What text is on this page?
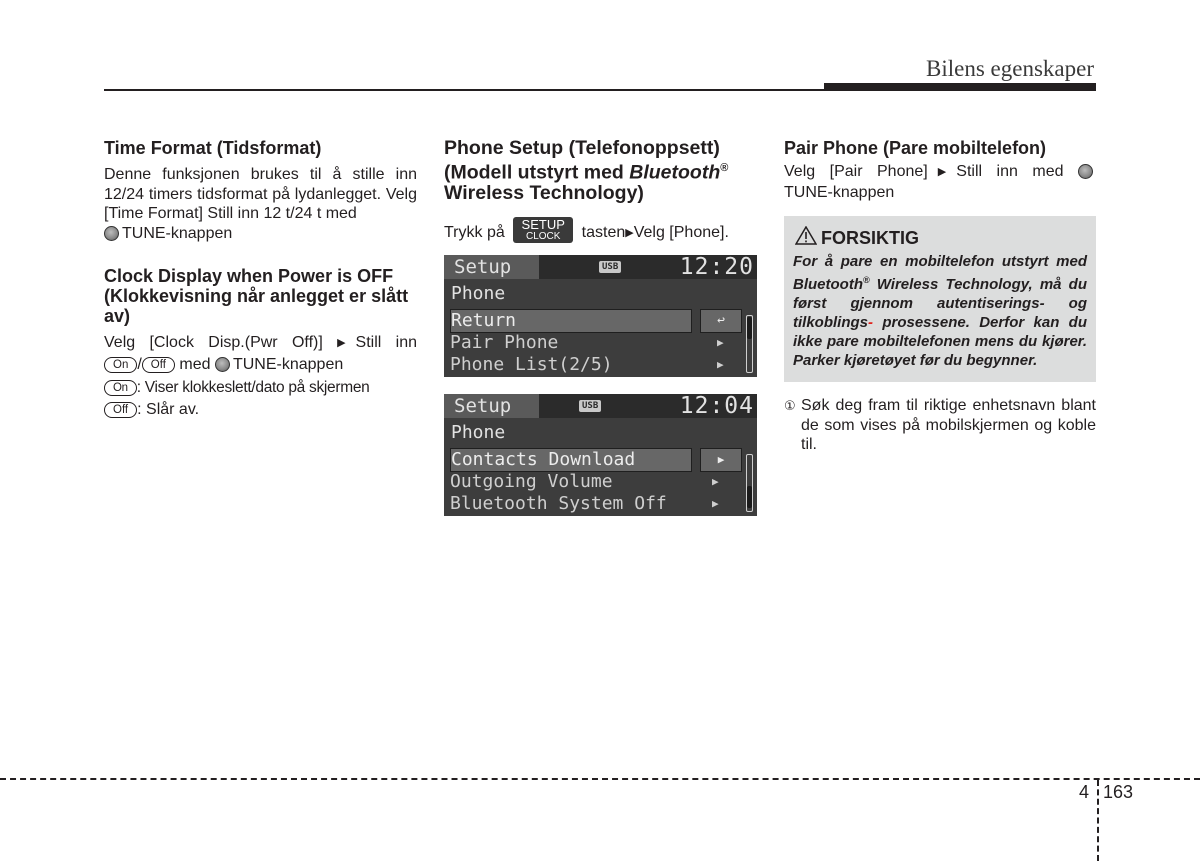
Bilens egenskaper
Time Format (Tidsformat)

Denne funksjonen brukes til å stille inn 12/24 timers tidsformat på lydanlegget. Velg [Time Format] Still inn 12 t/24 t med
TUNE-knappen

Clock Display when Power is OFF (Klokkevisning når anlegget er slått av)

Velg [Clock Disp.(Pwr Off)] ▶Still inn

On / Off med TUNE-knappen

On : Viser klokkeslett/dato på skjermen

Off : Slår av.

Phone Setup (Telefonoppsett) (Modell utstyrt med Bluetooth®
Wireless Technology)

Trykk på	SETUP
CLOCK	tasten▶Velg [Phone].

Setup	USB	12:20
Phone
Return	↩
Pair Phone	▶
Phone List(2/5)	▶
Setup	USB	12:04
Phone
Contacts Download	▶
Outgoing Volume	▶
Bluetooth System Off	▶
Pair Phone (Pare mobiltelefon)

Velg [Pair Phone]▶Still inn med

TUNE-knappen

FORSIKTIG
For å pare en mobiltelefon utstyrt med Bluetooth® Wireless Technology, må du først gjennom autentiserings- og tilkoblings- prosessene. Derfor kan du ikke pare mobiltelefonen mens du kjører. Parker kjøretøyet før du begynner.

① Søk deg fram til riktige enhetsnavn blant de som vises på mobilskjermen og koble til.

4 163
